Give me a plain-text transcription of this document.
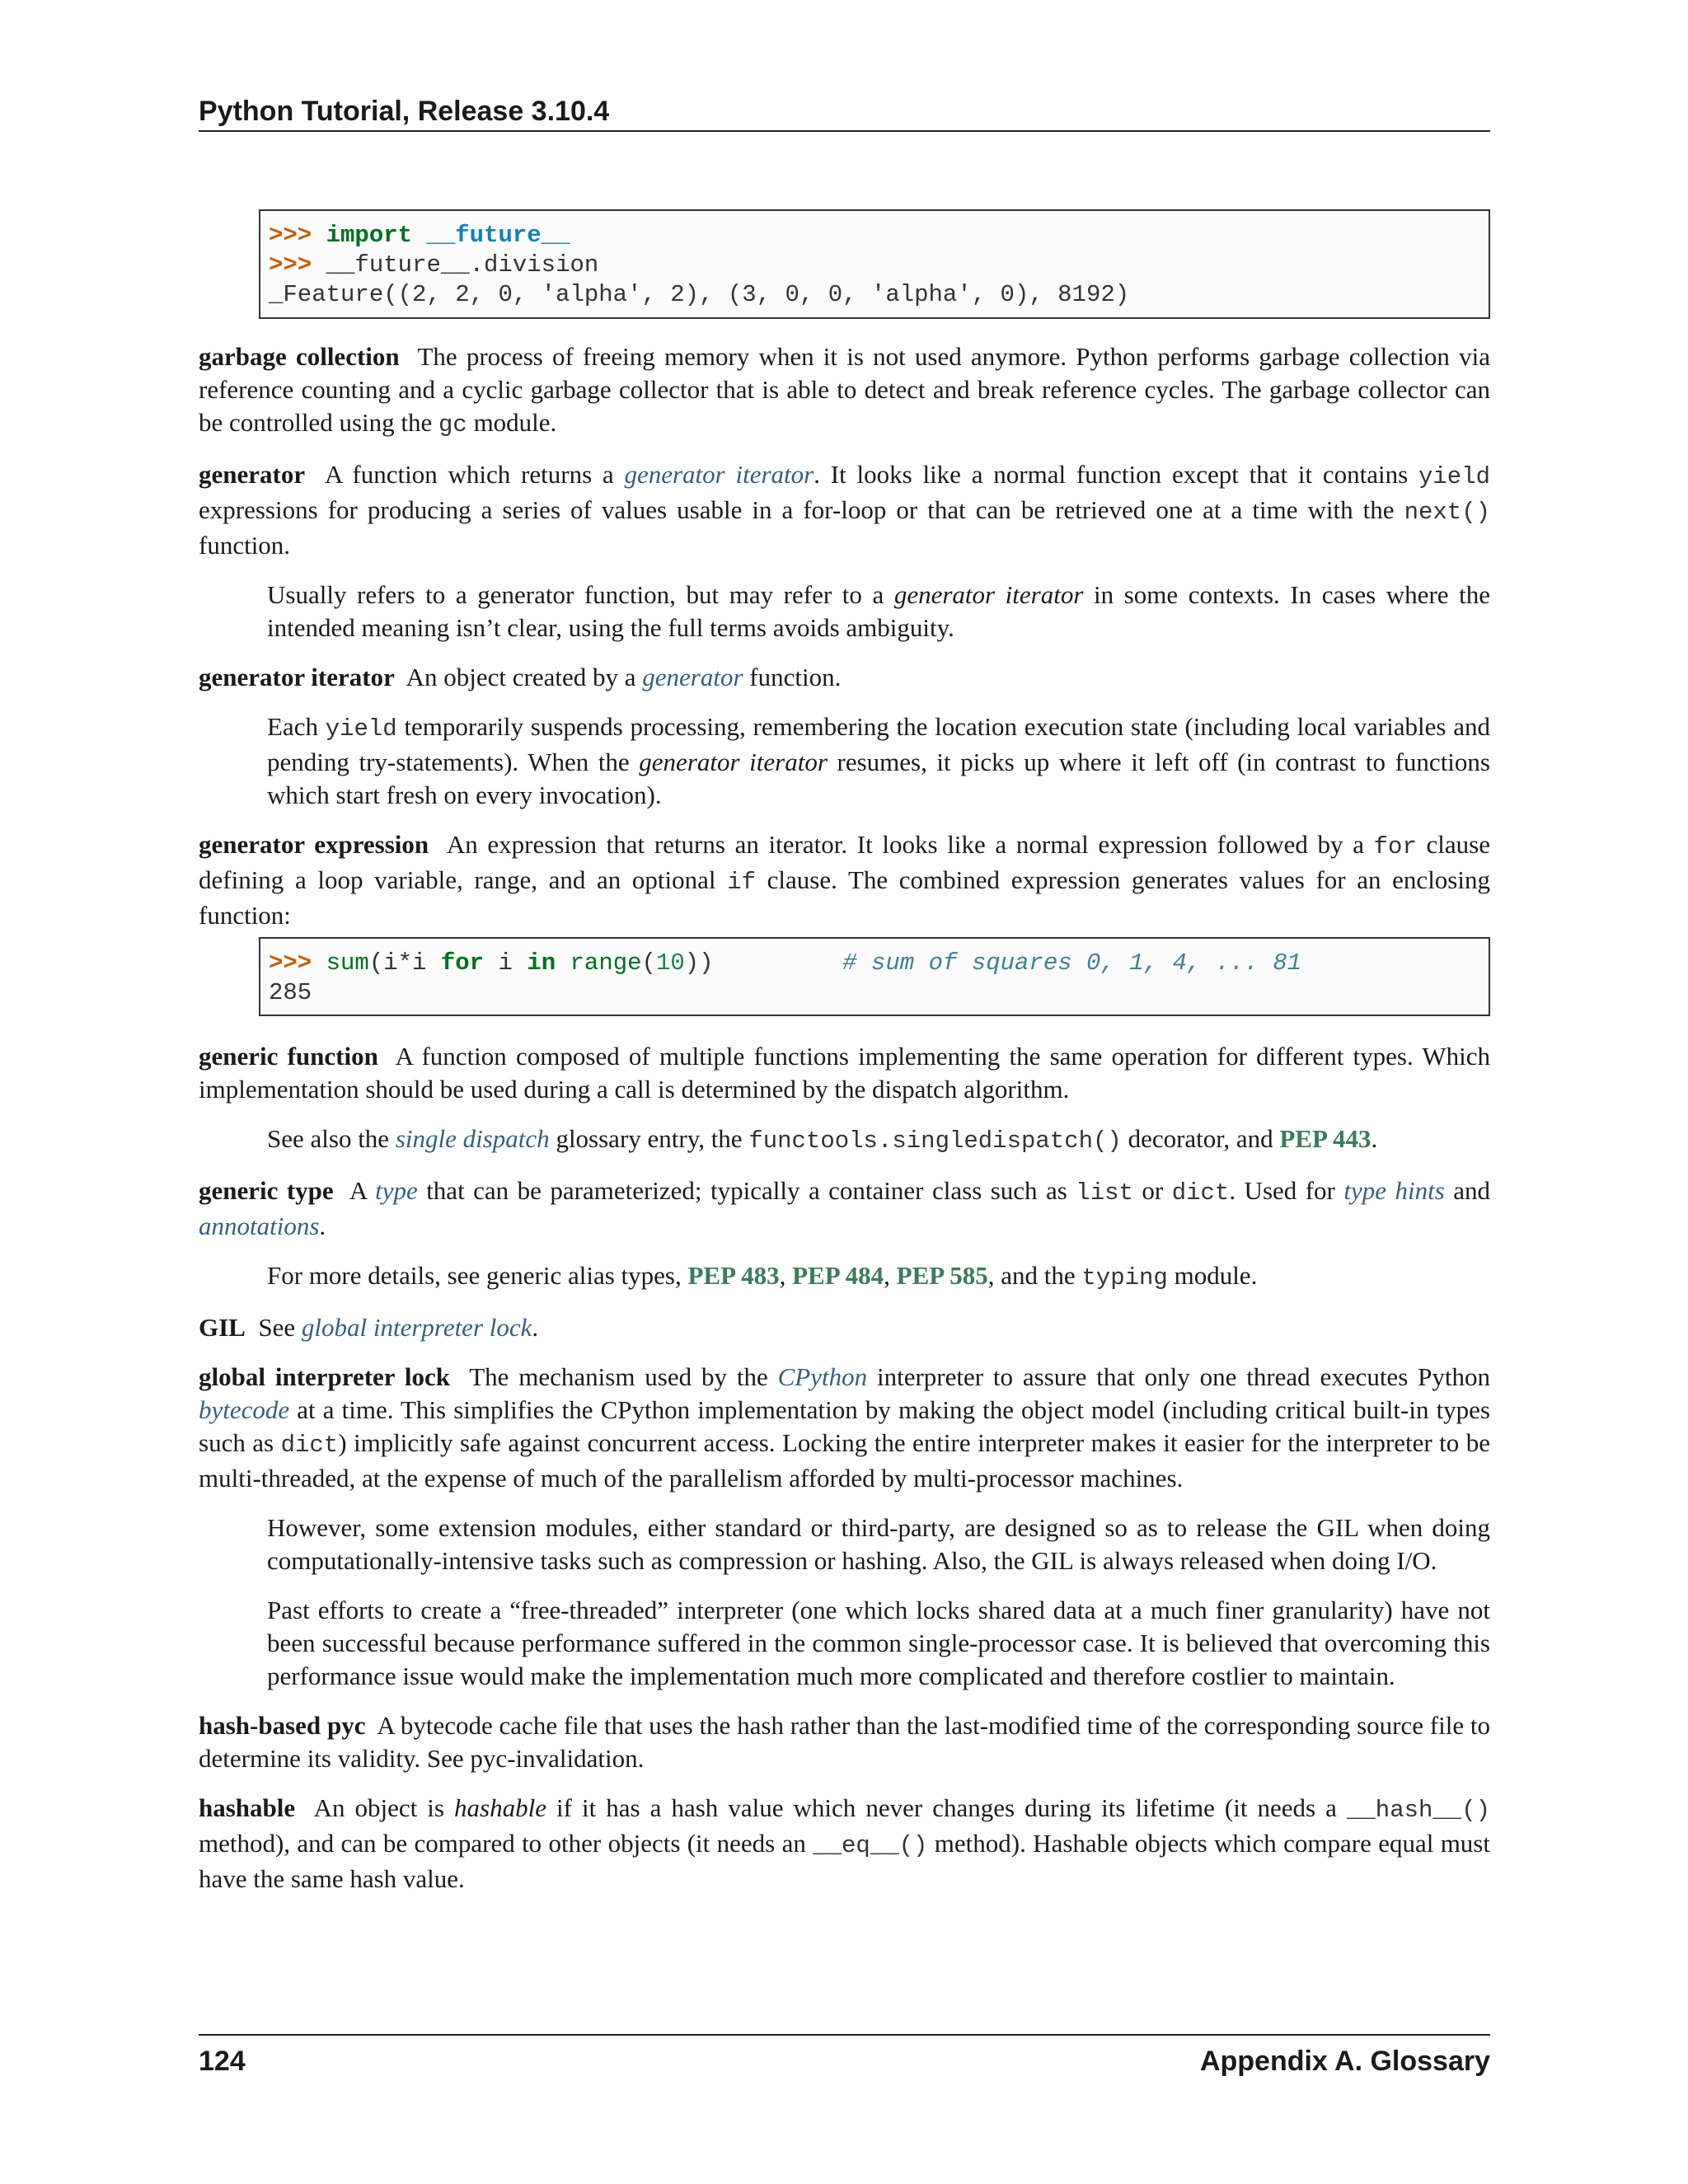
Python Tutorial, Release 3.10.4
>>> import __future__
>>> __future__.division
_Feature((2, 2, 0, 'alpha', 2), (3, 0, 0, 'alpha', 0), 8192)

garbage collection The process of freeing memory when it is not used anymore. Python performs garbage collection via reference counting and a cyclic garbage collector that is able to detect and break reference cycles. The garbage collector can be controlled using the gc module.

generator A function which returns a generator iterator. It looks like a normal function except that it contains yield expressions for producing a series of values usable in a for-loop or that can be retrieved one at a time with the next() function.

Usually refers to a generator function, but may refer to a generator iterator in some contexts. In cases where the intended meaning isn’t clear, using the full terms avoids ambiguity.

generator iterator An object created by a generator function.

Each yield temporarily suspends processing, remembering the location execution state (including local variables and pending try-statements). When the generator iterator resumes, it picks up where it left off (in contrast to functions which start fresh on every invocation).

generator expression An expression that returns an iterator. It looks like a normal expression followed by a for clause defining a loop variable, range, and an optional if clause. The combined expression generates values for an enclosing function:

>>> sum(i*i for i in range(10))         # sum of squares 0, 1, 4, ... 81
285

generic function A function composed of multiple functions implementing the same operation for different types. Which implementation should be used during a call is determined by the dispatch algorithm.

See also the single dispatch glossary entry, the functools.singledispatch() decorator, and PEP 443.

generic type A type that can be parameterized; typically a container class such as list or dict. Used for type hints and annotations.

For more details, see generic alias types, PEP 483, PEP 484, PEP 585, and the typing module.

GIL See global interpreter lock.

global interpreter lock The mechanism used by the CPython interpreter to assure that only one thread executes Python bytecode at a time. This simplifies the CPython implementation by making the object model (including critical built-in types such as dict) implicitly safe against concurrent access. Locking the entire interpreter makes it easier for the interpreter to be multi-threaded, at the expense of much of the parallelism afforded by multi-processor machines.

However, some extension modules, either standard or third-party, are designed so as to release the GIL when doing computationally-intensive tasks such as compression or hashing. Also, the GIL is always released when doing I/O.

Past efforts to create a “free-threaded” interpreter (one which locks shared data at a much finer granularity) have not been successful because performance suffered in the common single-processor case. It is believed that overcoming this performance issue would make the implementation much more complicated and therefore costlier to maintain.

hash-based pyc A bytecode cache file that uses the hash rather than the last-modified time of the corresponding source file to determine its validity. See pyc-invalidation.

hashable An object is hashable if it has a hash value which never changes during its lifetime (it needs a __hash__() method), and can be compared to other objects (it needs an __eq__() method). Hashable objects which compare equal must have the same hash value.

124	Appendix A. Glossary
